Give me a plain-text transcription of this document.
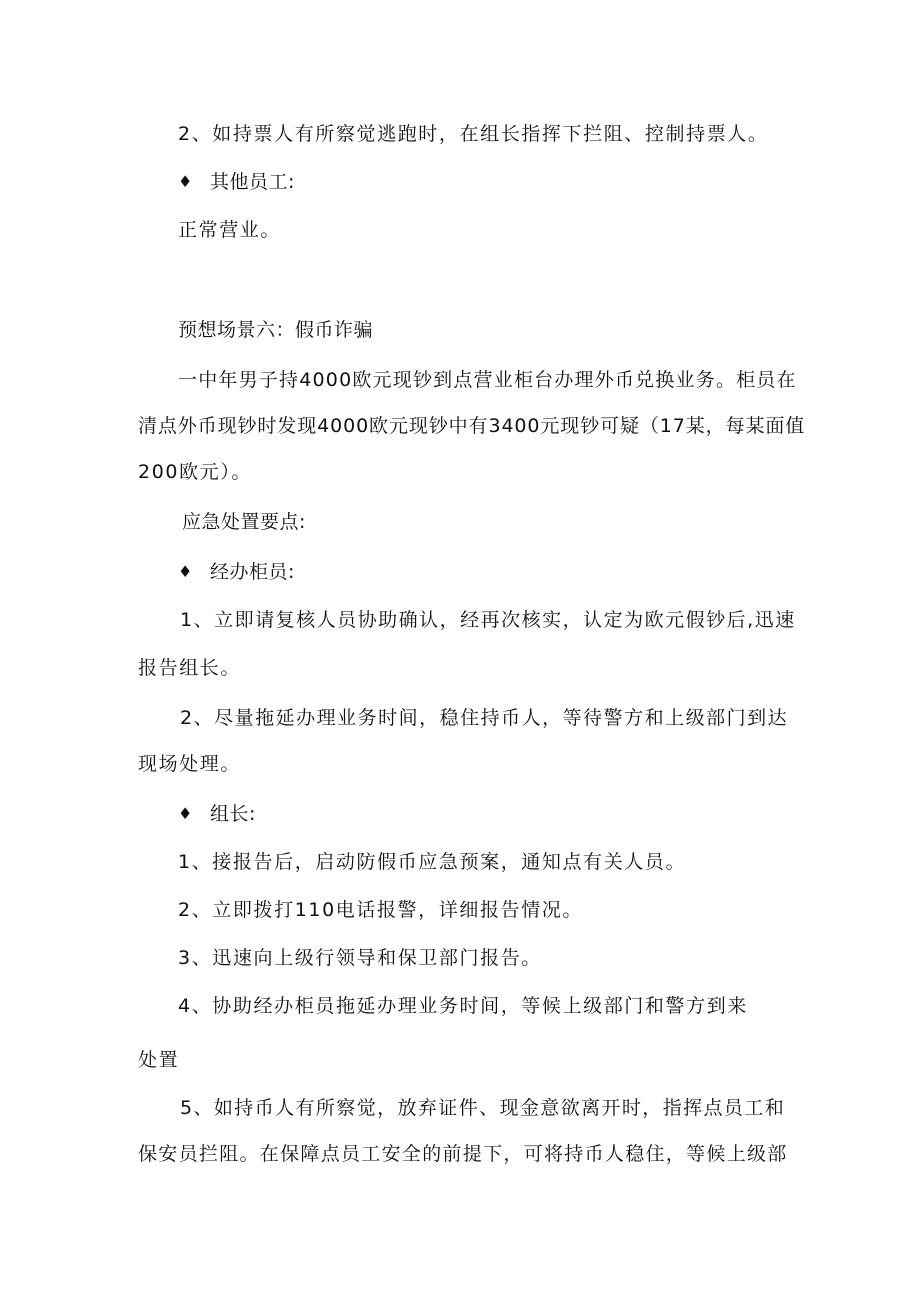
2、如持票人有所察觉逃跑时，在组长指挥下拦阻、控制持票人。
♦ 其他员工:
正常营业。
预想场景六：假币诈骗
一中年男子持4000欧元现钞到点营业柜台办理外币兑换业务。柜员在
清点外币现钞时发现4000欧元现钞中有3400元现钞可疑（17某，每某面值
200欧元）。
应急处置要点:
♦ 经办柜员:
1、立即请复核人员协助确认，经再次核实，认定为欧元假钞后,迅速
报告组长。
2、尽量拖延办理业务时间，稳住持币人，等待警方和上级部门到达
现场处理。
♦ 组长:
1、接报告后，启动防假币应急预案，通知点有关人员。
2、立即拨打110电话报警，详细报告情况。
3、迅速向上级行领导和保卫部门报告。
4、协助经办柜员拖延办理业务时间，等候上级部门和警方到来
处置
5、如持币人有所察觉，放弃证件、现金意欲离开时，指挥点员工和
保安员拦阻。在保障点员工安全的前提下，可将持币人稳住，等候上级部
